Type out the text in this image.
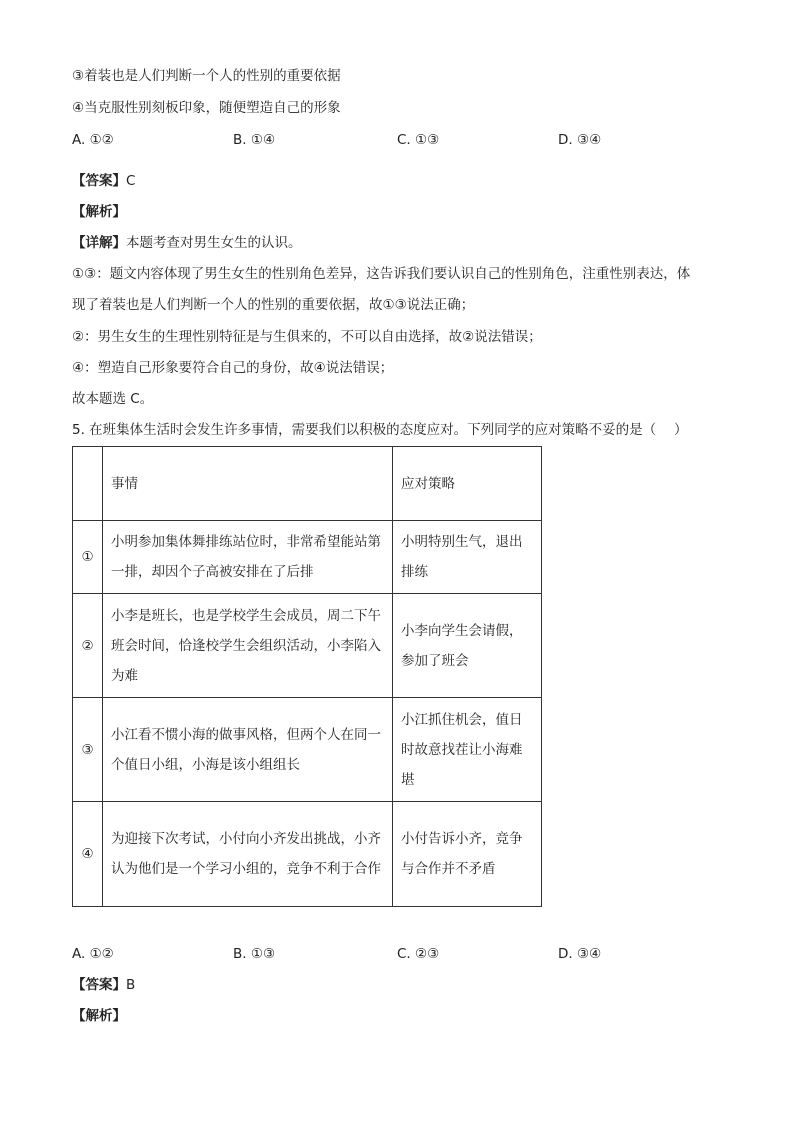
③着装也是人们判断一个人的性别的重要依据
④当克服性别刻板印象，随便塑造自己的形象
A. ①②	B. ①④	C. ①③	D. ③④
【答案】C
【解析】
【详解】本题考查对男生女生的认识。
①③：题文内容体现了男生女生的性别角色差异，这告诉我们要认识自己的性别角色，注重性别表达，体
现了着装也是人们判断一个人的性别的重要依据，故①③说法正确；
②：男生女生的生理性别特征是与生俱来的，不可以自由选择，故②说法错误；
④：塑造自己形象要符合自己的身份，故④说法错误；
故本题选 C。
5. 在班集体生活时会发生许多事情，需要我们以积极的态度应对。下列同学的应对策略不妥的是（　 ）
	事情	应对策略
①	小明参加集体舞排练站位时，非常希望能站第一排，却因个子高被安排在了后排	小明特别生气，退出排练
②	小李是班长，也是学校学生会成员，周二下午班会时间，恰逢校学生会组织活动，小李陷入为难	小李向学生会请假，参加了班会
③	小江看不惯小海的做事风格，但两个人在同一个值日小组，小海是该小组组长	小江抓住机会，值日时故意找茬让小海难堪
④	为迎接下次考试，小付向小齐发出挑战，小齐认为他们是一个学习小组的，竞争不利于合作	小付告诉小齐，竞争与合作并不矛盾
A. ①②	B. ①③	C. ②③	D. ③④
【答案】B
【解析】
